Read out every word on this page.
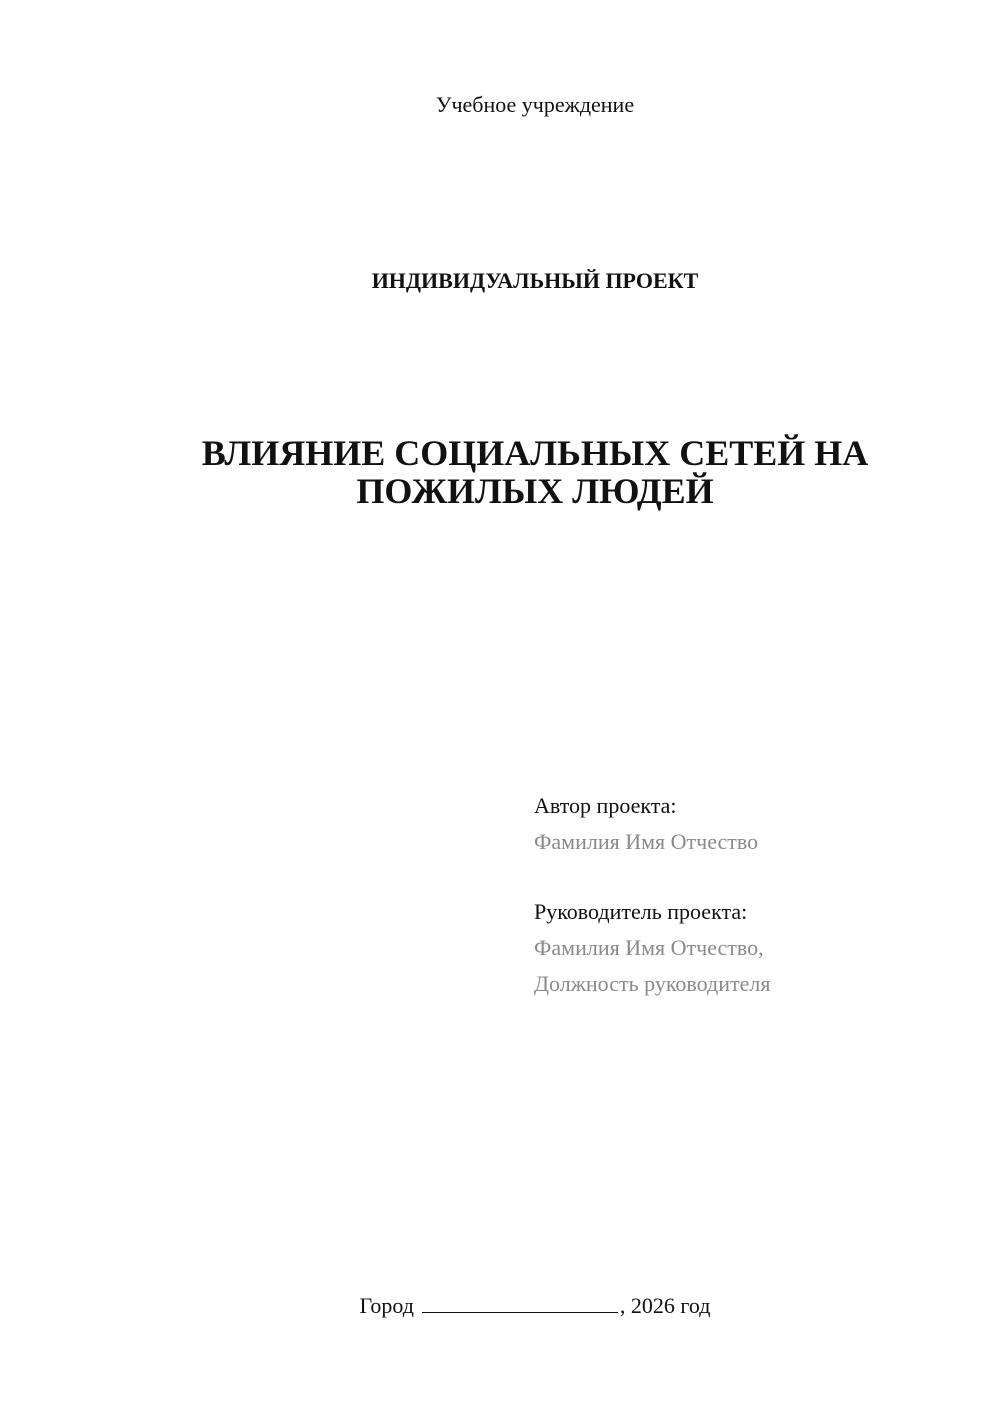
Учебное учреждение
ИНДИВИДУАЛЬНЫЙ ПРОЕКТ
ВЛИЯНИЕ СОЦИАЛЬНЫХ СЕТЕЙ НА
ПОЖИЛЫХ ЛЮДЕЙ
Автор проекта:
Фамилия Имя Отчество
Руководитель проекта:
Фамилия Имя Отчество,
Должность руководителя
Город	, 2026 год
